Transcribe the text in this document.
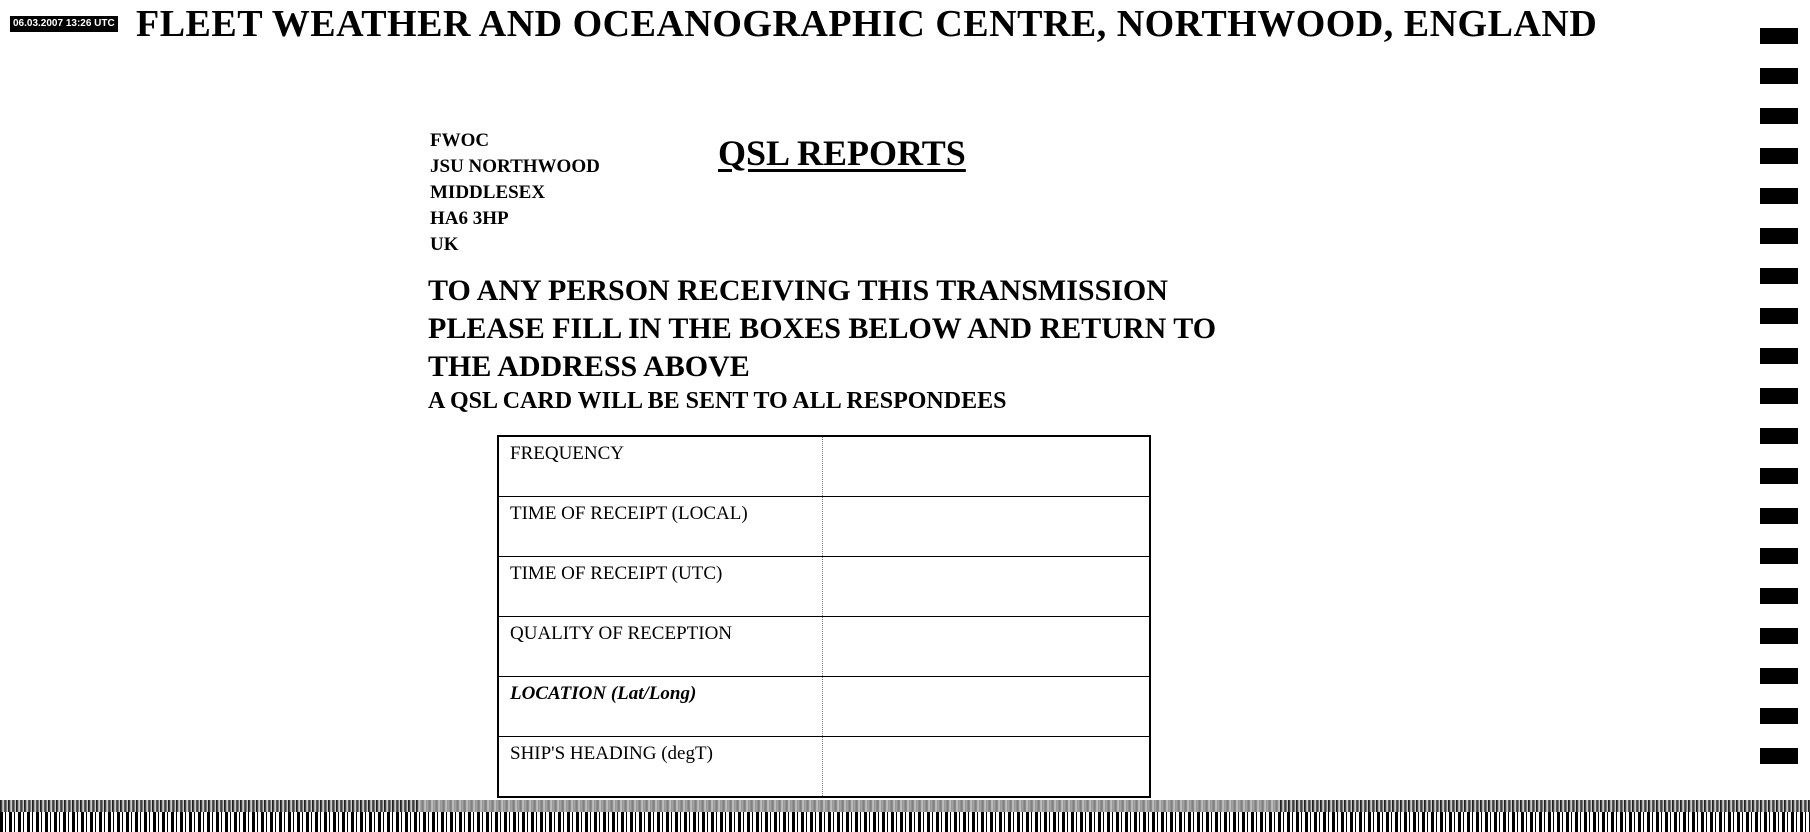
06.03.2007 13:26 UTC FLEET WEATHER AND OCEANOGRAPHIC CENTRE, NORTHWOOD, ENGLAND
FWOC
JSU NORTHWOOD
MIDDLESEX
HA6 3HP
UK
QSL REPORTS
TO ANY PERSON RECEIVING THIS TRANSMISSION
PLEASE FILL IN THE BOXES BELOW AND RETURN TO
THE ADDRESS ABOVE
A QSL CARD WILL BE SENT TO ALL RESPONDEES
FREQUENCY	
TIME OF RECEIPT (LOCAL)	
TIME OF RECEIPT (UTC)	
QUALITY OF RECEPTION	
LOCATION (Lat/Long)	
SHIP'S HEADING (degT)	
